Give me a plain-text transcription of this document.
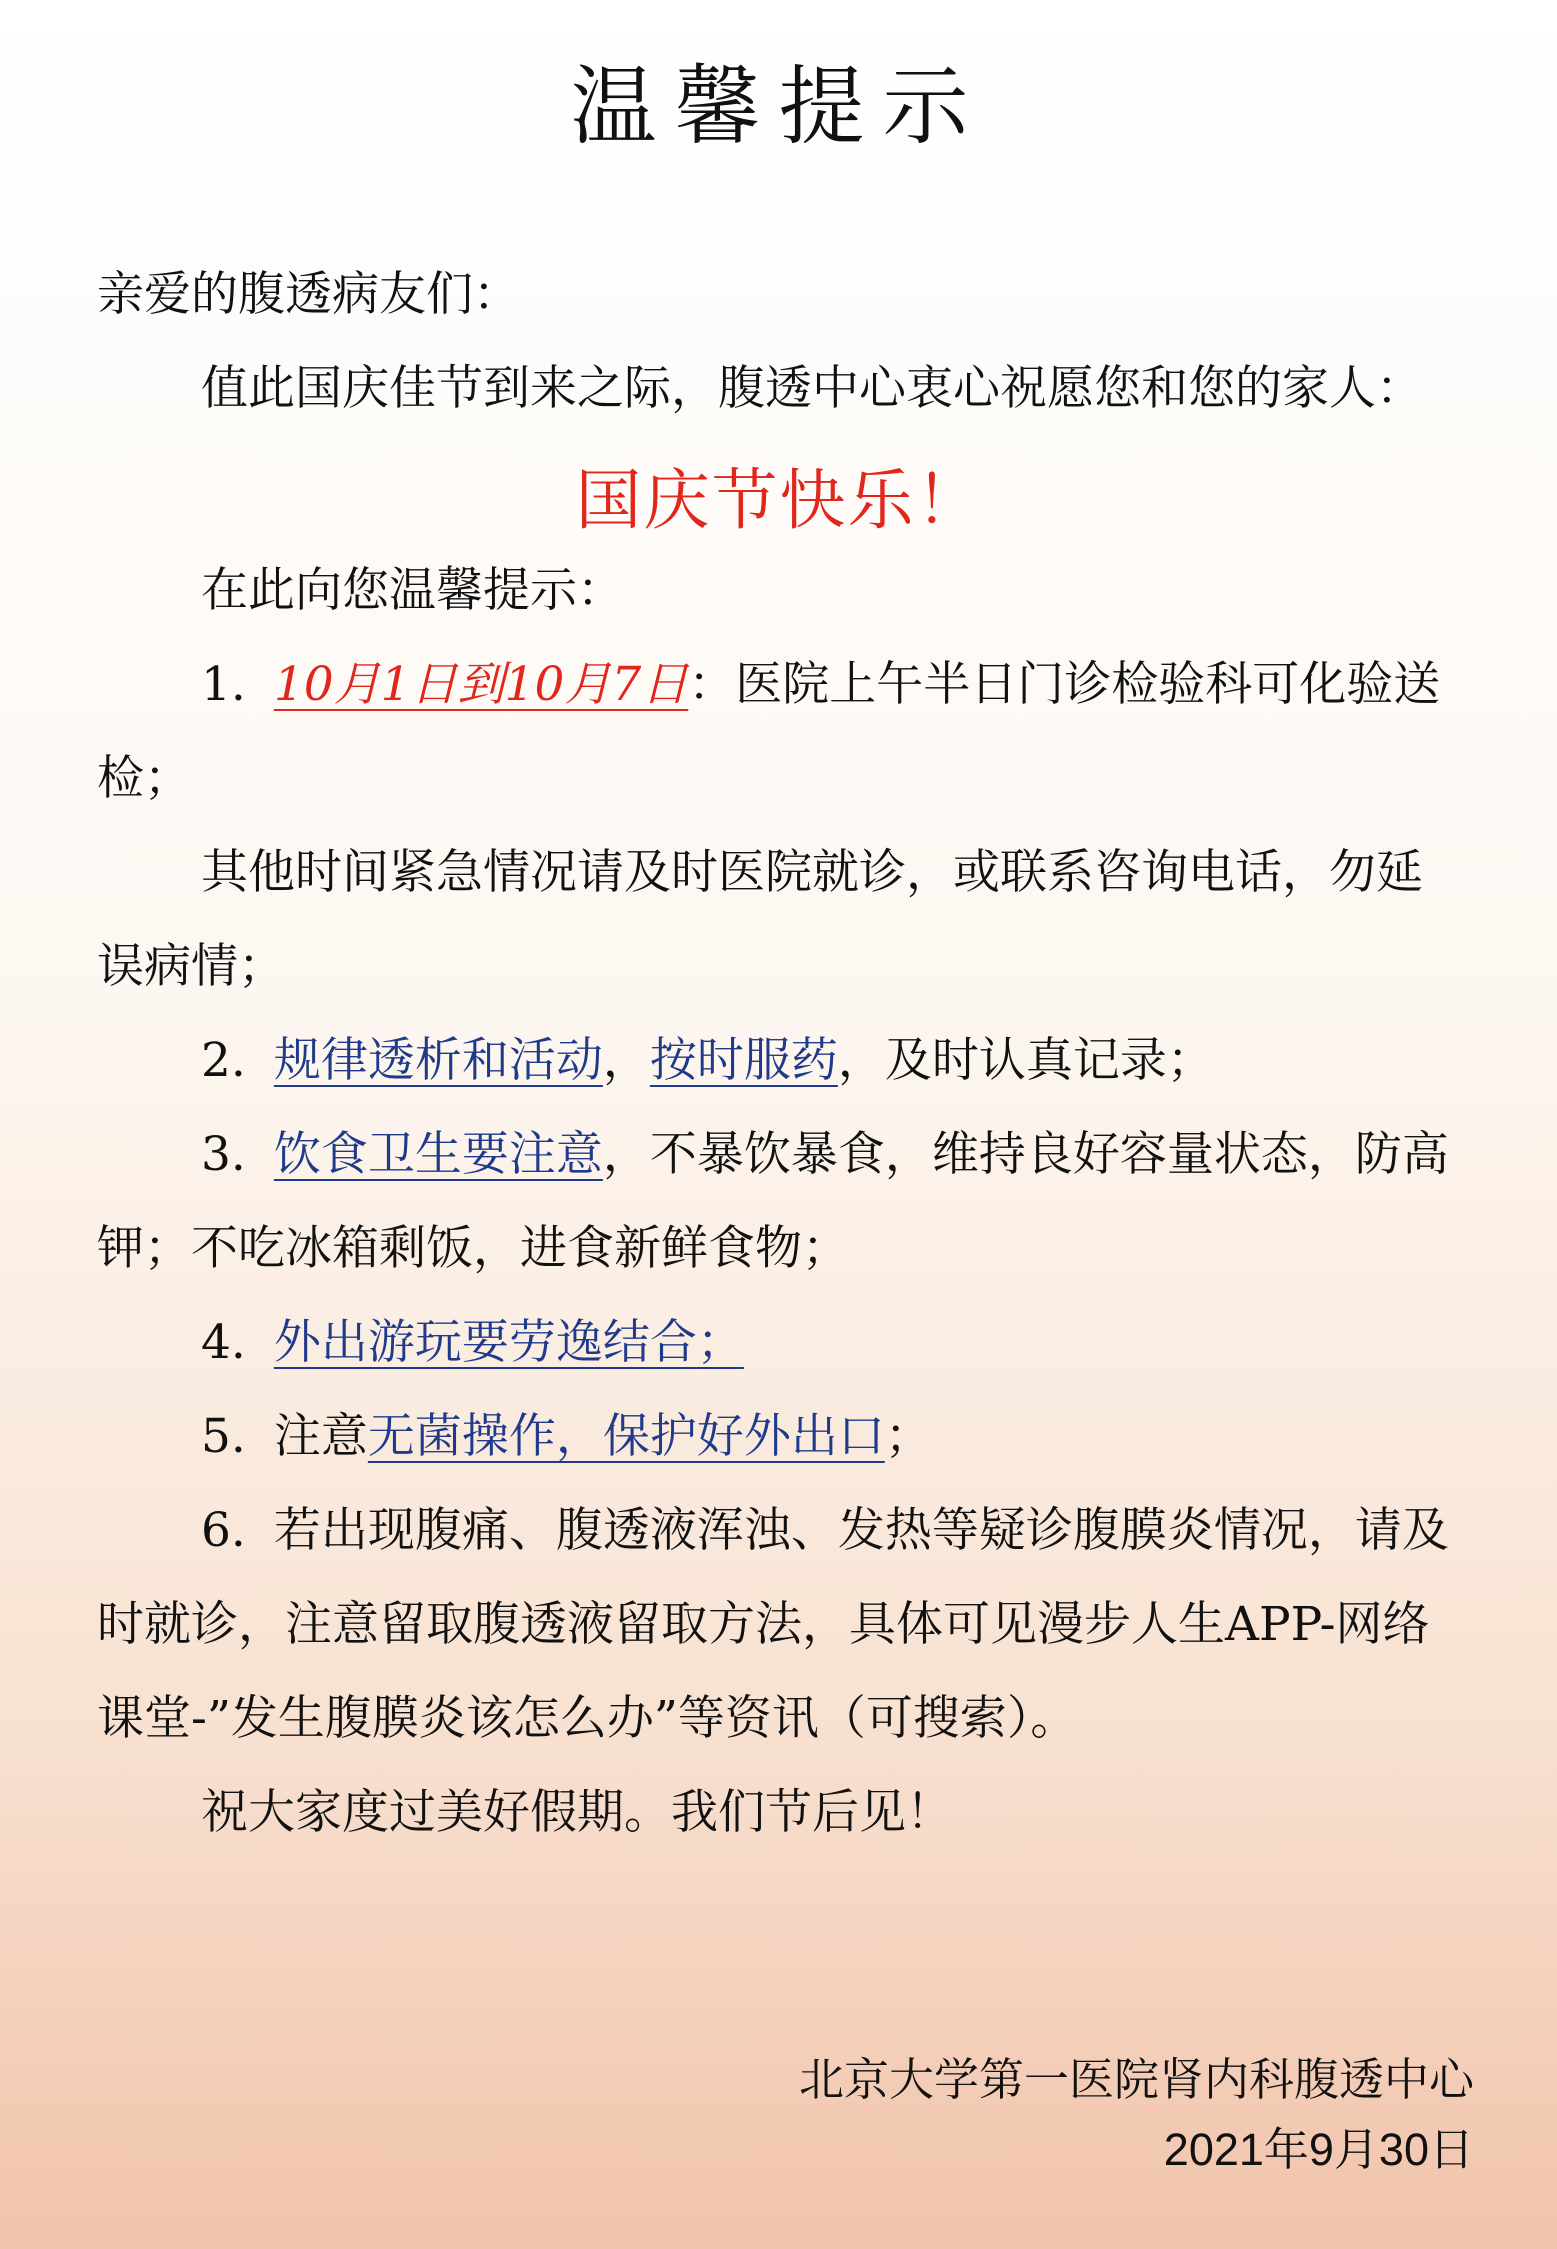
温馨提示

亲爱的腹透病友们：

值此国庆佳节到来之际，腹透中心衷心祝愿您和您的家人：

国庆节快乐！

在此向您温馨提示：

1. 10月1日到10月7日：医院上午半日门诊检验科可化验送检；

其他时间紧急情况请及时医院就诊，或联系咨询电话，勿延误病情；

2. 规律透析和活动，按时服药，及时认真记录；

3. 饮食卫生要注意，不暴饮暴食，维持良好容量状态，防高钾；不吃冰箱剩饭，进食新鲜食物；

4. 外出游玩要劳逸结合；

5. 注意无菌操作，保护好外出口；

6. 若出现腹痛、腹透液浑浊、发热等疑诊腹膜炎情况，请及时就诊，注意留取腹透液留取方法，具体可见漫步人生APP-网络课堂-”发生腹膜炎该怎么办”等资讯（可搜索）。

祝大家度过美好假期。我们节后见！

北京大学第一医院肾内科腹透中心
2021年9月30日
